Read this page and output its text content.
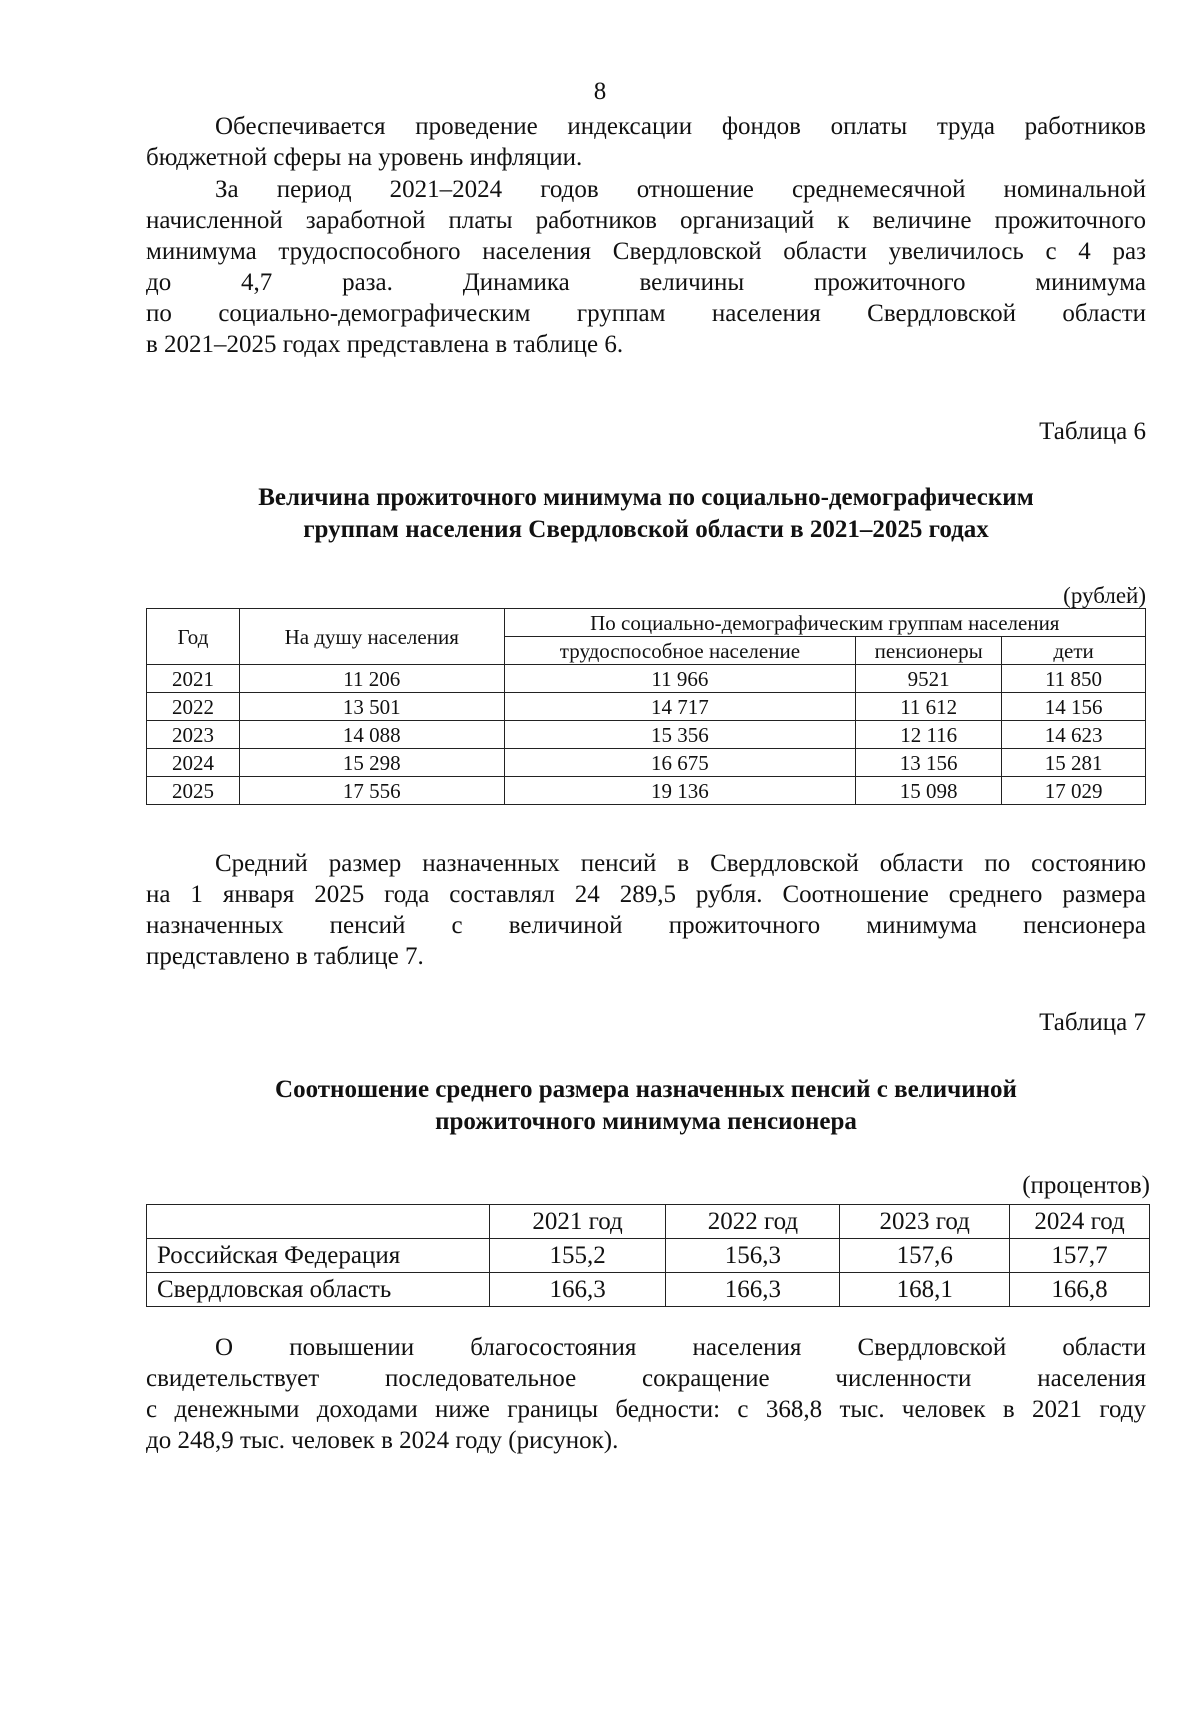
8
Обеспечивается проведение индексации фондов оплаты труда работников
бюджетной сферы на уровень инфляции.
За период 2021–2024 годов отношение среднемесячной номинальной
начисленной заработной платы работников организаций к величине прожиточного
минимума трудоспособного населения Свердловской области увеличилось с 4 раз
до 4,7 раза. Динамика величины прожиточного минимума
по социально-демографическим группам населения Свердловской области
в 2021–2025 годах представлена в таблице 6.
Таблица 6
Величина прожиточного минимума по социально-демографическим
группам населения Свердловской области в 2021–2025 годах
(рублей)
Год	На душу населения	По социально-демографическим группам населения		
		трудоспособное население	пенсионеры	дети
2021	11 206	11 966	9521	11 850
2022	13 501	14 717	11 612	14 156
2023	14 088	15 356	12 116	14 623
2024	15 298	16 675	13 156	15 281
2025	17 556	19 136	15 098	17 029
Средний размер назначенных пенсий в Свердловской области по состоянию
на 1 января 2025 года составлял 24 289,5 рубля. Соотношение среднего размера
назначенных пенсий с величиной прожиточного минимума пенсионера
представлено в таблице 7.
Таблица 7
Соотношение среднего размера назначенных пенсий с величиной
прожиточного минимума пенсионера
(процентов)
	2021 год	2022 год	2023 год	2024 год
Российская Федерация	155,2	156,3	157,6	157,7
Свердловская область	166,3	166,3	168,1	166,8
О повышении благосостояния населения Свердловской области
свидетельствует последовательное сокращение численности населения
с денежными доходами ниже границы бедности: с 368,8 тыс. человек в 2021 году
до 248,9 тыс. человек в 2024 году (рисунок).
